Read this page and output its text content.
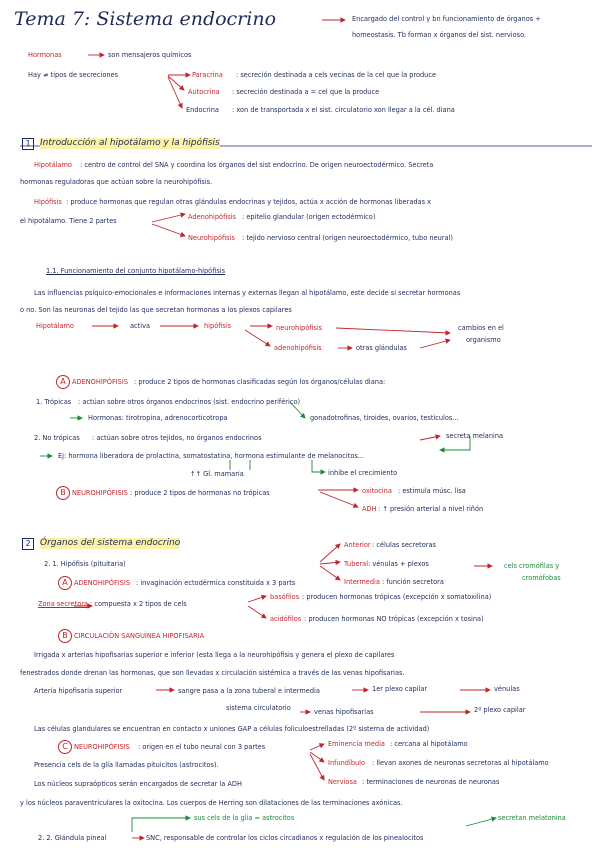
Tema 7: Sistema endocrino	Encargado del control y bn funcionamiento de órganos +
homeostasis. Tb forman x órganos del sist. nervioso.
Hormonas	son mensajeros químicos
Hay ≠ tipos de secreciones	Paracrina : secreción destinada a cels vecinas de la cel que la produce
Autocrina : secreción destinada a = cel que la produce
Endocrina : xon de transportada x el sist. circulatorio xon llegar a la cél. diana
1	Introducción al hipotálamo y la hipófisis
Hipotálamo : centro de control del SNA y coordina los órganos del sist endocrino. De origen neuroectodérmico. Secreta
hormonas reguladoras que actúan sobre la neurohipófisis.
Hipófisis : produce hormonas que regulan otras glándulas endocrinas y tejidos, actúa x acción de hormonas liberadas x
el hipotálamo. Tiene 2 partes	Adenohipófisis : epitelio glandular (origen ectodérmico)
Neurohipófisis : tejido nervioso central (origen neuroectodérmico, tubo neural)
1.1. Funcionamiento del conjunto hipotálamo-hipófisis
Las influencias psíquico-emocionales e informaciones internas y externas llegan al hipotálamo, este decide si secretar hormonas
o no. Son las neuronas del tejido las que secretan hormonas a los plexos capilares
Hipotálamo	activa	hipófisis	neurohipófisis
adenohipófisis	otras glándulas
cambios en el
organismo
A ADENOHIPÓFISIS : produce 2 tipos de hormonas clasificadas según los órganos/células diana:
1. Trópicas : actúan sobre otros órganos endocrinos (sist. endocrino periférico)
Hormonas: tirotropina, adrenocorticotropa	gonadotrofinas, tiroides, ovarios, testículos...
2. No trópicas : actúan sobre otros tejidos, no órganos endocrinos	secreta melanina
Ej: hormona liberadora de prolactina, somatostatina, hormona estimulante de melanocitos...
↑↑ Gl. mamaria	inhibe el crecimiento
B NEUROHIPÓFISIS : produce 2 tipos de hormonas no trópicas	oxitocina : estimula músc. lisa
ADH : ↑ presión arterial a nivel riñón
2	Órganos del sistema endocrino
2. 1. Hipófisis (pituitaria)
Anterior : células secretoras
Tuberal : vénulas + plexos
Intermedia : función secretora
cels cromófilas y
cromófobas
A ADENOHIPÓFISIS : invaginación ectodérmica constituida x 3 parts
Zona secretora : compuesta x 2 tipos de cels
basófilos : producen hormonas trópicas (excepción x somatoxilina)
acidófilos : producen hormonas NO trópicas (excepción x tosina)
B CIRCULACIÓN SANGUÍNEA HIPOFISARIA
Irrigada x arterias hipofisarias superior e inferior (esta llega a la neurohipófisis y genera el plexo de capilares
fenestrados donde drenan las hormonas, que son llevadas x circulación sistémica a través de las venas hipofisarias.
Arteria hipofisaria superior	sangre pasa a la zona tuberal e intermedia	1er plexo capilar	vénulas
sistema circulatorio	venas hipofisarias	2º plexo capilar
Las células glandulares se encuentran en contacto x uniones GAP a células foliculoestrelladas (2º sistema de actividad)
C NEUROHIPÓFISIS : origen en el tubo neural con 3 partes	Eminencia media : cercana al hipotálamo
Infundíbulo : llevan axones de neuronas secretoras al hipotálamo
Nerviosa : terminaciones de neuronas de neuronas
Presencia cels de la glía llamadas pituicitos (astrocitos).
Los núcleos supraópticos serán encargados de secretar la ADH
y los núcleos paraventriculares la oxitocina. Los cuerpos de Herring son dilataciones de las terminaciones axónicas.
sus cels de la glía ≈ astrocitos	secretan melatonina
2. 2. Glándula pineal	SNC, responsable de controlar los ciclos circadianos x regulación de los pinealocitos
